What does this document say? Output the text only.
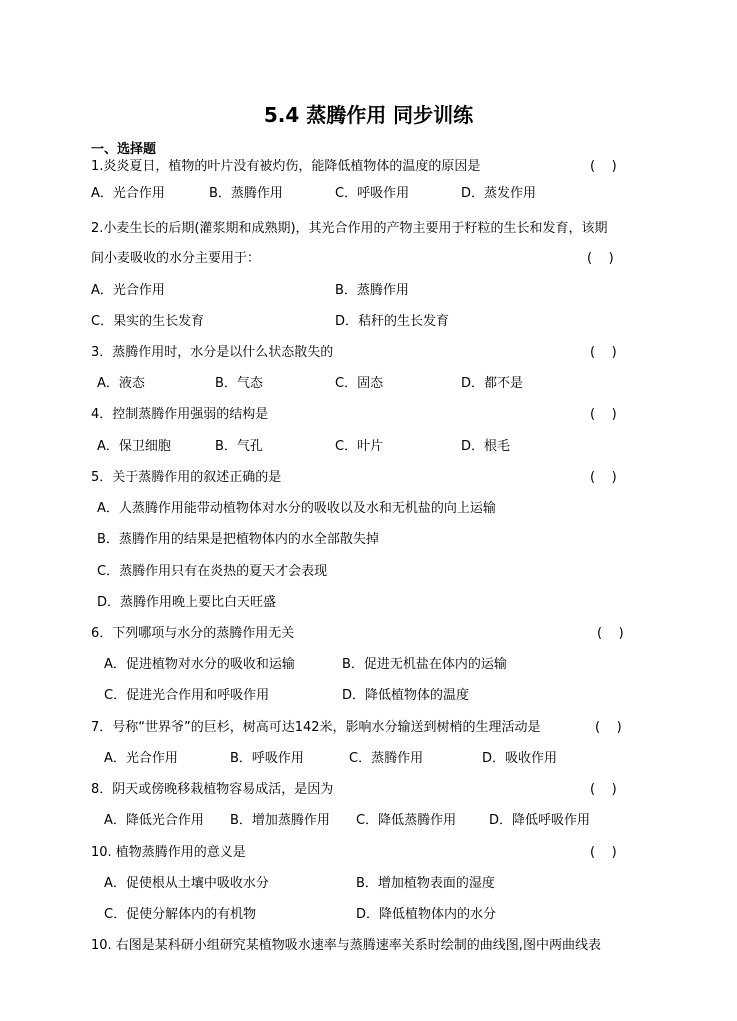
5.4 蒸腾作用 同步训练
一、选择题
1.炎炎夏日，植物的叶片没有被灼伤，能降低植物体的温度的原因是	(    )
A．光合作用	B．蒸腾作用	C．呼吸作用	D．蒸发作用
2.小麦生长的后期(灌浆期和成熟期)，其光合作用的产物主要用于籽粒的生长和发育，该期
间小麦吸收的水分主要用于：	(    )
A．光合作用	B．蒸腾作用
C．果实的生长发育	D．秸秆的生长发育
3．蒸腾作用时，水分是以什么状态散失的	(    )
A．液态	B．气态	C．固态	D．都不是
4．控制蒸腾作用强弱的结构是	(    )
A．保卫细胞	B．气孔	C．叶片	D．根毛
5．关于蒸腾作用的叙述正确的是	(    )
A．人蒸腾作用能带动植物体对水分的吸收以及水和无机盐的向上运输
B．蒸腾作用的结果是把植物体内的水全部散失掉
C．蒸腾作用只有在炎热的夏天才会表现
D．蒸腾作用晚上要比白天旺盛
6．下列哪项与水分的蒸腾作用无关	(    )
A．促进植物对水分的吸收和运输	B．促进无机盐在体内的运输
C．促进光合作用和呼吸作用	D．降低植物体的温度
7．号称“世界爷”的巨杉，树高可达142米，影响水分输送到树梢的生理活动是	(    )
A．光合作用	B．呼吸作用	C．蒸腾作用	D．吸收作用
8．阴天或傍晚移栽植物容易成活，是因为	(    )
A．降低光合作用 B．增加蒸腾作用 C．降低蒸腾作用	D．降低呼吸作用
10. 植物蒸腾作用的意义是	(    )
A．促使根从土壤中吸收水分	B．增加植物表面的湿度
C．促使分解体内的有机物	D．降低植物体内的水分
10. 右图是某科研小组研究某植物吸水速率与蒸腾速率关系时绘制的曲线图,图中两曲线表
